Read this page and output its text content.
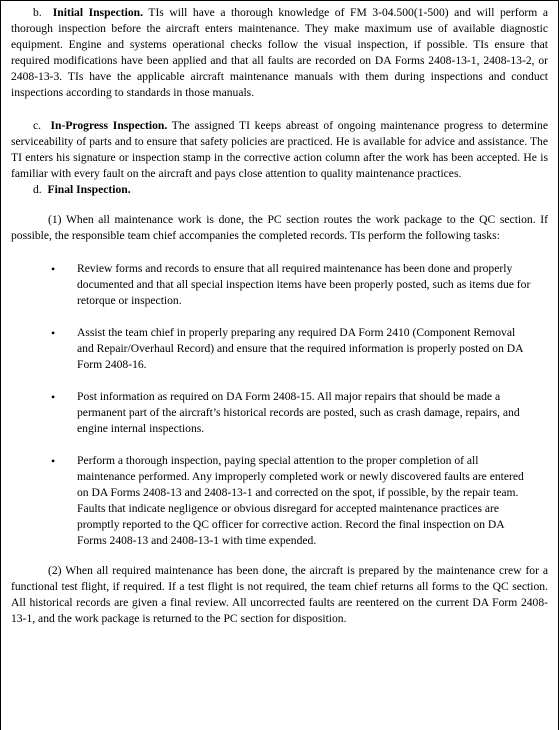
b. Initial Inspection. TIs will have a thorough knowledge of FM 3-04.500(1-500) and will perform a thorough inspection before the aircraft enters maintenance. They make maximum use of available diagnostic equipment. Engine and systems operational checks follow the visual inspection, if possible. TIs ensure that required modifications have been applied and that all faults are recorded on DA Forms 2408-13-1, 2408-13-2, or 2408-13-3. TIs have the applicable aircraft maintenance manuals with them during inspections and conduct inspections according to standards in those manuals.

c. In-Progress Inspection. The assigned TI keeps abreast of ongoing maintenance progress to determine serviceability of parts and to ensure that safety policies are practiced. He is available for advice and assistance. The TI enters his signature or inspection stamp in the corrective action column after the work has been accepted. He is familiar with every fault on the aircraft and pays close attention to quality maintenance practices.

d. Final Inspection.

(1) When all maintenance work is done, the PC section routes the work package to the QC section. If possible, the responsible team chief accompanies the completed records. TIs perform the following tasks:

• Review forms and records to ensure that all required maintenance has been done and properly documented and that all special inspection items have been properly posted, such as items due for retorque or inspection.
• Assist the team chief in properly preparing any required DA Form 2410 (Component Removal and Repair/Overhaul Record) and ensure that the required information is properly posted on DA Form 2408-16.
• Post information as required on DA Form 2408-15. All major repairs that should be made a permanent part of the aircraft’s historical records are posted, such as crash damage, repairs, and engine internal inspections.
• Perform a thorough inspection, paying special attention to the proper completion of all maintenance performed. Any improperly completed work or newly discovered faults are entered on DA Forms 2408-13 and 2408-13-1 and corrected on the spot, if possible, by the repair team. Faults that indicate negligence or obvious disregard for accepted maintenance practices are promptly reported to the QC officer for corrective action. Record the final inspection on DA Forms 2408-13 and 2408-13-1 with time expended.

(2) When all required maintenance has been done, the aircraft is prepared by the maintenance crew for a functional test flight, if required. If a test flight is not required, the team chief returns all forms to the QC section. All historical records are given a final review. All uncorrected faults are reentered on the current DA Form 2408-13-1, and the work package is returned to the PC section for disposition.
